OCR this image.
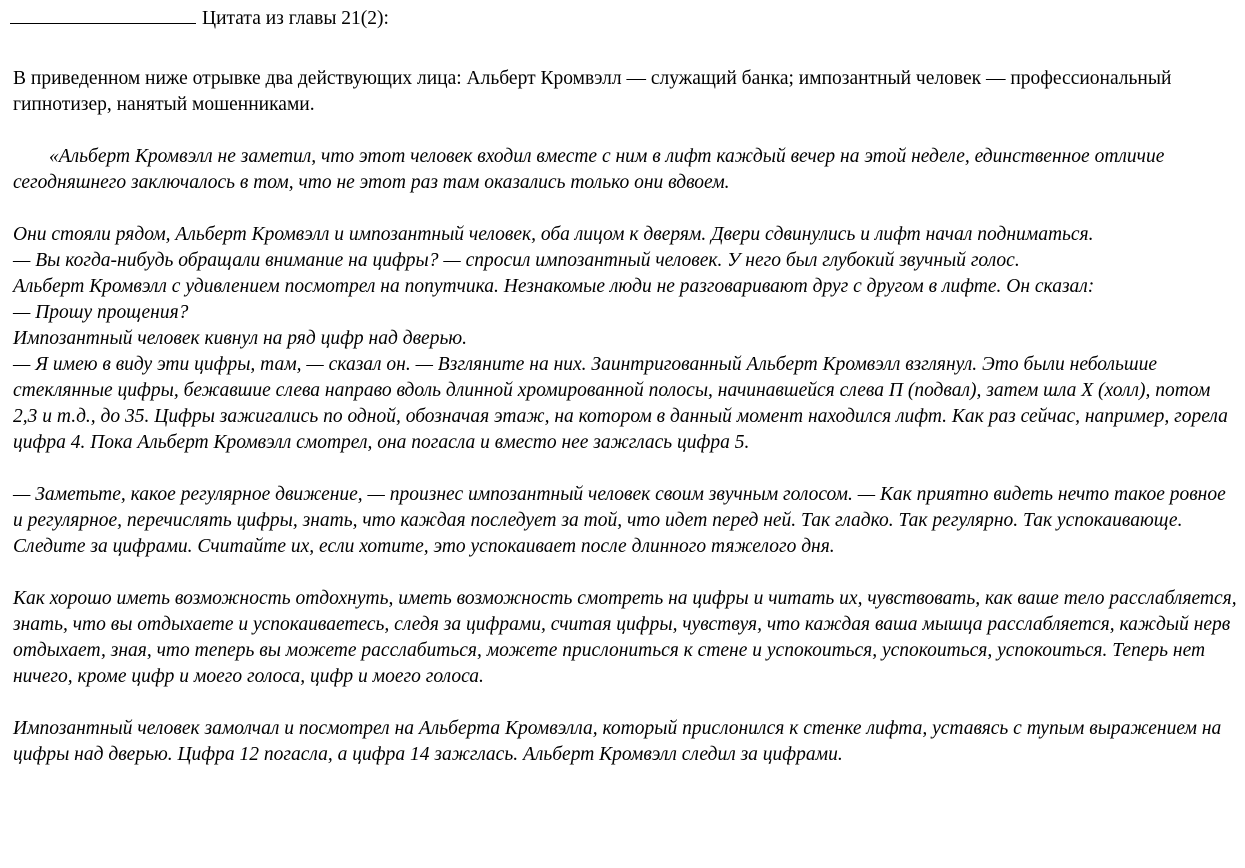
Цитата из главы 21(2):

В приведенном ниже отрывке два действующих лица: Альберт Кромвэлл — служащий банка; импозантный человек — профессиональный гипнотизер, нанятый мошенниками.

«Альберт Кромвэлл не заметил, что этот человек входил вместе с ним в лифт каждый вечер на этой неделе, единственное отличие сегодняшнего заключалось в том, что не этот раз там оказались только они вдвоем.

Они стояли рядом, Альберт Кромвэлл и импозантный человек, оба лицом к дверям. Двери сдвинулись и лифт начал подниматься.

— Вы когда-нибудь обращали внимание на цифры? — спросил импозантный человек. У него был глубокий звучный голос.

Альберт Кромвэлл с удивлением посмотрел на попутчика. Незнакомые люди не разговаривают друг с другом в лифте. Он сказал:

— Прошу прощения?

Импозантный человек кивнул на ряд цифр над дверью.

— Я имею в виду эти цифры, там, — сказал он. — Взгляните на них. Заинтригованный Альберт Кромвэлл взглянул. Это были небольшие стеклянные цифры, бежавшие слева направо вдоль длинной хромированной полосы, начинавшейся слева П (подвал), затем шла Х (холл), потом 2,3 и т.д., до 35. Цифры зажигались по одной, обозначая этаж, на котором в данный момент находился лифт. Как раз сейчас, например, горела цифра 4. Пока Альберт Кромвэлл смотрел, она погасла и вместо нее зажглась цифра 5.

— Заметьте, какое регулярное движение, — произнес импозантный человек своим звучным голосом. — Как приятно видеть нечто такое ровное и регулярное, перечислять цифры, знать, что каждая последует за той, что идет перед ней. Так гладко. Так регулярно. Так успокаивающе. Следите за цифрами. Считайте их, если хотите, это успокаивает после длинного тяжелого дня.

Как хорошо иметь возможность отдохнуть, иметь возможность смотреть на цифры и читать их, чувствовать, как ваше тело расслабляется, знать, что вы отдыхаете и успокаиваетесь, следя за цифрами, считая цифры, чувствуя, что каждая ваша мышца расслабляется, каждый нерв отдыхает, зная, что теперь вы можете расслабиться, можете прислониться к стене и успокоиться, успокоиться, успокоиться. Теперь нет ничего, кроме цифр и моего голоса, цифр и моего голоса.

Импозантный человек замолчал и посмотрел на Альберта Кромвэлла, который прислонился к стенке лифта, уставясь с тупым выражением на цифры над дверью. Цифра 12 погасла, а цифра 14 зажглась. Альберт Кромвэлл следил за цифрами.
